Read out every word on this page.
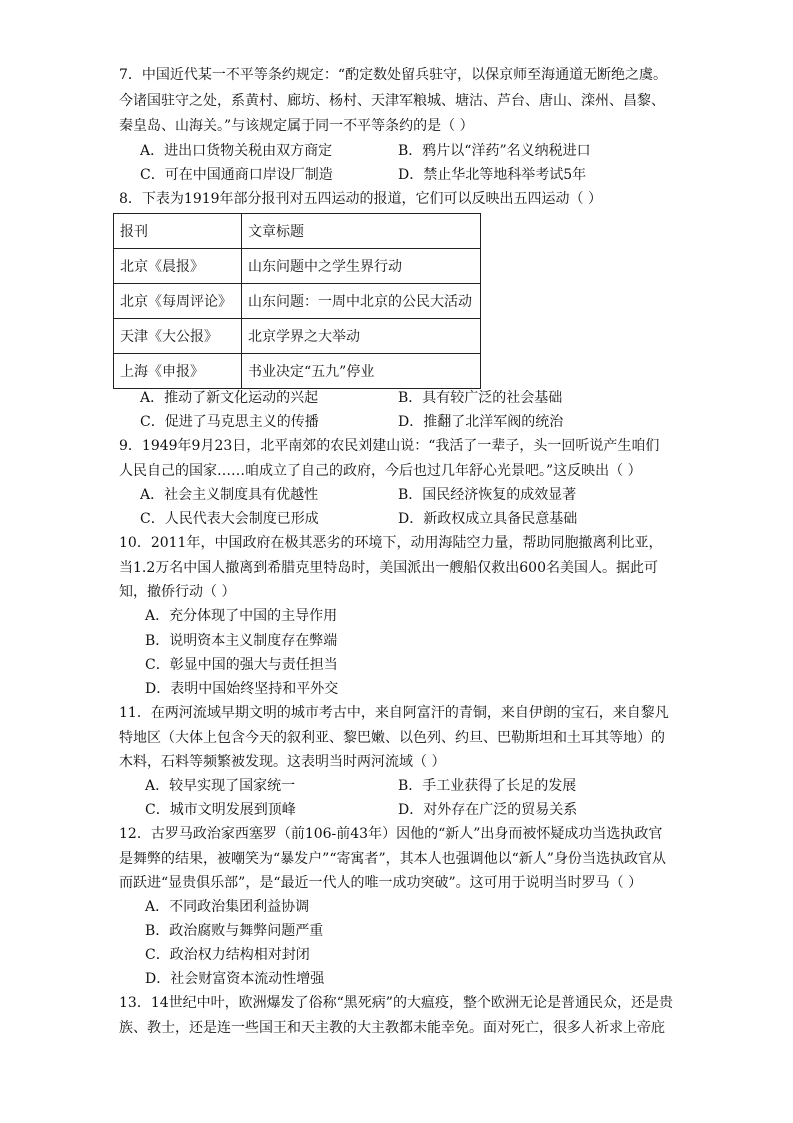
7．中国近代某一不平等条约规定：“酌定数处留兵驻守，以保京师至海通道无断绝之虞。
今诸国驻守之处，系黄村、廊坊、杨村、天津军粮城、塘沽、芦台、唐山、滦州、昌黎、
秦皇岛、山海关。”与该规定属于同一不平等条约的是（ ）
A．进出口货物关税由双方商定	B．鸦片以“洋药”名义纳税进口
C．可在中国通商口岸设厂制造	D．禁止华北等地科举考试5年
8．下表为1919年部分报刊对五四运动的报道，它们可以反映出五四运动（ ）
报刊	文章标题
北京《晨报》	山东问题中之学生界行动
北京《每周评论》	山东问题：一周中北京的公民大活动
天津《大公报》	北京学界之大举动
上海《申报》	书业决定“五九”停业
A．推动了新文化运动的兴起	B．具有较广泛的社会基础
C．促进了马克思主义的传播	D．推翻了北洋军阀的统治
9．1949年9月23日，北平南郊的农民刘建山说：“我活了一辈子，头一回听说产生咱们
人民自己的国家……咱成立了自己的政府，今后也过几年舒心光景吧。”这反映出（ ）
A．社会主义制度具有优越性	B．国民经济恢复的成效显著
C．人民代表大会制度已形成	D．新政权成立具备民意基础
10．2011年，中国政府在极其恶劣的环境下，动用海陆空力量，帮助同胞撤离利比亚，
当1.2万名中国人撤离到希腊克里特岛时，美国派出一艘船仅救出600名美国人。据此可
知，撤侨行动（ ）
A．充分体现了中国的主导作用
B．说明资本主义制度存在弊端
C．彰显中国的强大与责任担当
D．表明中国始终坚持和平外交
11．在两河流域早期文明的城市考古中，来自阿富汗的青铜，来自伊朗的宝石，来自黎凡
特地区（大体上包含今天的叙利亚、黎巴嫩、以色列、约旦、巴勒斯坦和土耳其等地）的
木料，石料等频繁被发现。这表明当时两河流域（ ）
A．较早实现了国家统一	B．手工业获得了长足的发展
C．城市文明发展到顶峰	D．对外存在广泛的贸易关系
12．古罗马政治家西塞罗（前106-前43年）因他的“新人”出身而被怀疑成功当选执政官
是舞弊的结果，被嘲笑为“暴发户”“寄寓者”，其本人也强调他以“新人”身份当选执政官从
而跃进“显贵俱乐部”，是“最近一代人的唯一成功突破”。这可用于说明当时罗马（ ）
A．不同政治集团利益协调
B．政治腐败与舞弊问题严重
C．政治权力结构相对封闭
D．社会财富资本流动性增强
13．14世纪中叶，欧洲爆发了俗称“黑死病”的大瘟疫，整个欧洲无论是普通民众，还是贵
族、教士，还是连一些国王和天主教的大主教都未能幸免。面对死亡，很多人祈求上帝庇
